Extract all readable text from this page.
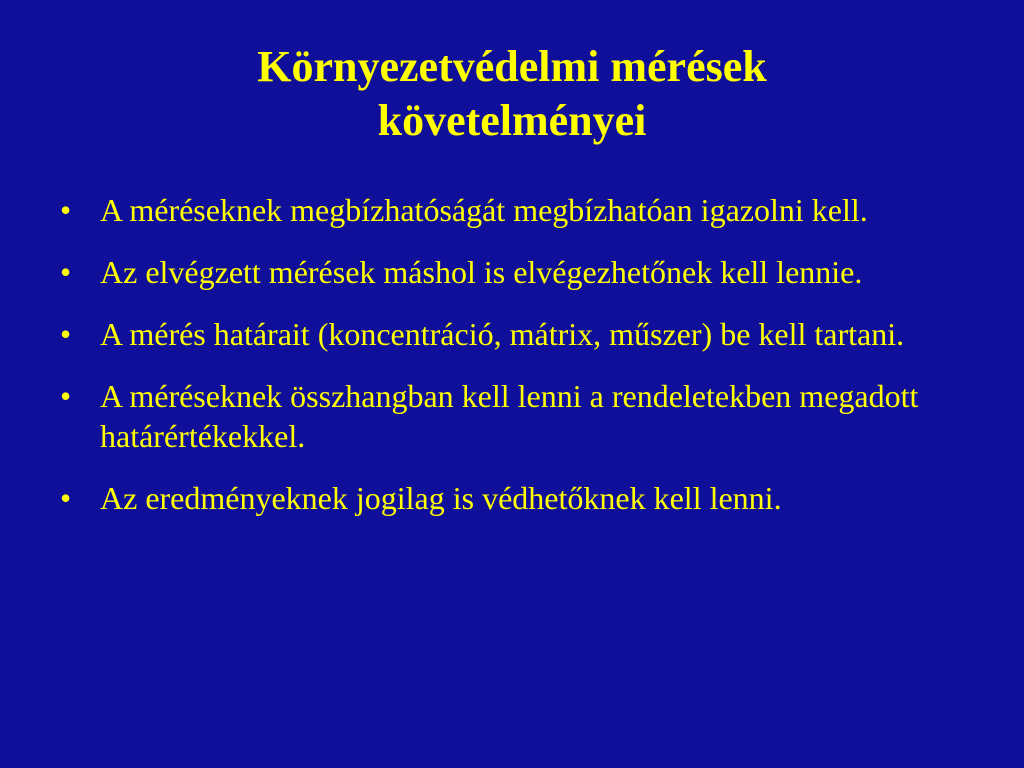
Környezetvédelmi mérések
követelményei
• A méréseknek megbízhatóságát megbízhatóan igazolni kell.
• Az elvégzett mérések máshol is elvégezhetőnek kell lennie.
• A mérés határait (koncentráció, mátrix, műszer) be kell tartani.
• A méréseknek összhangban kell lenni a rendeletekben megadott határértékekkel.
• Az eredményeknek jogilag is védhetőknek kell lenni.
